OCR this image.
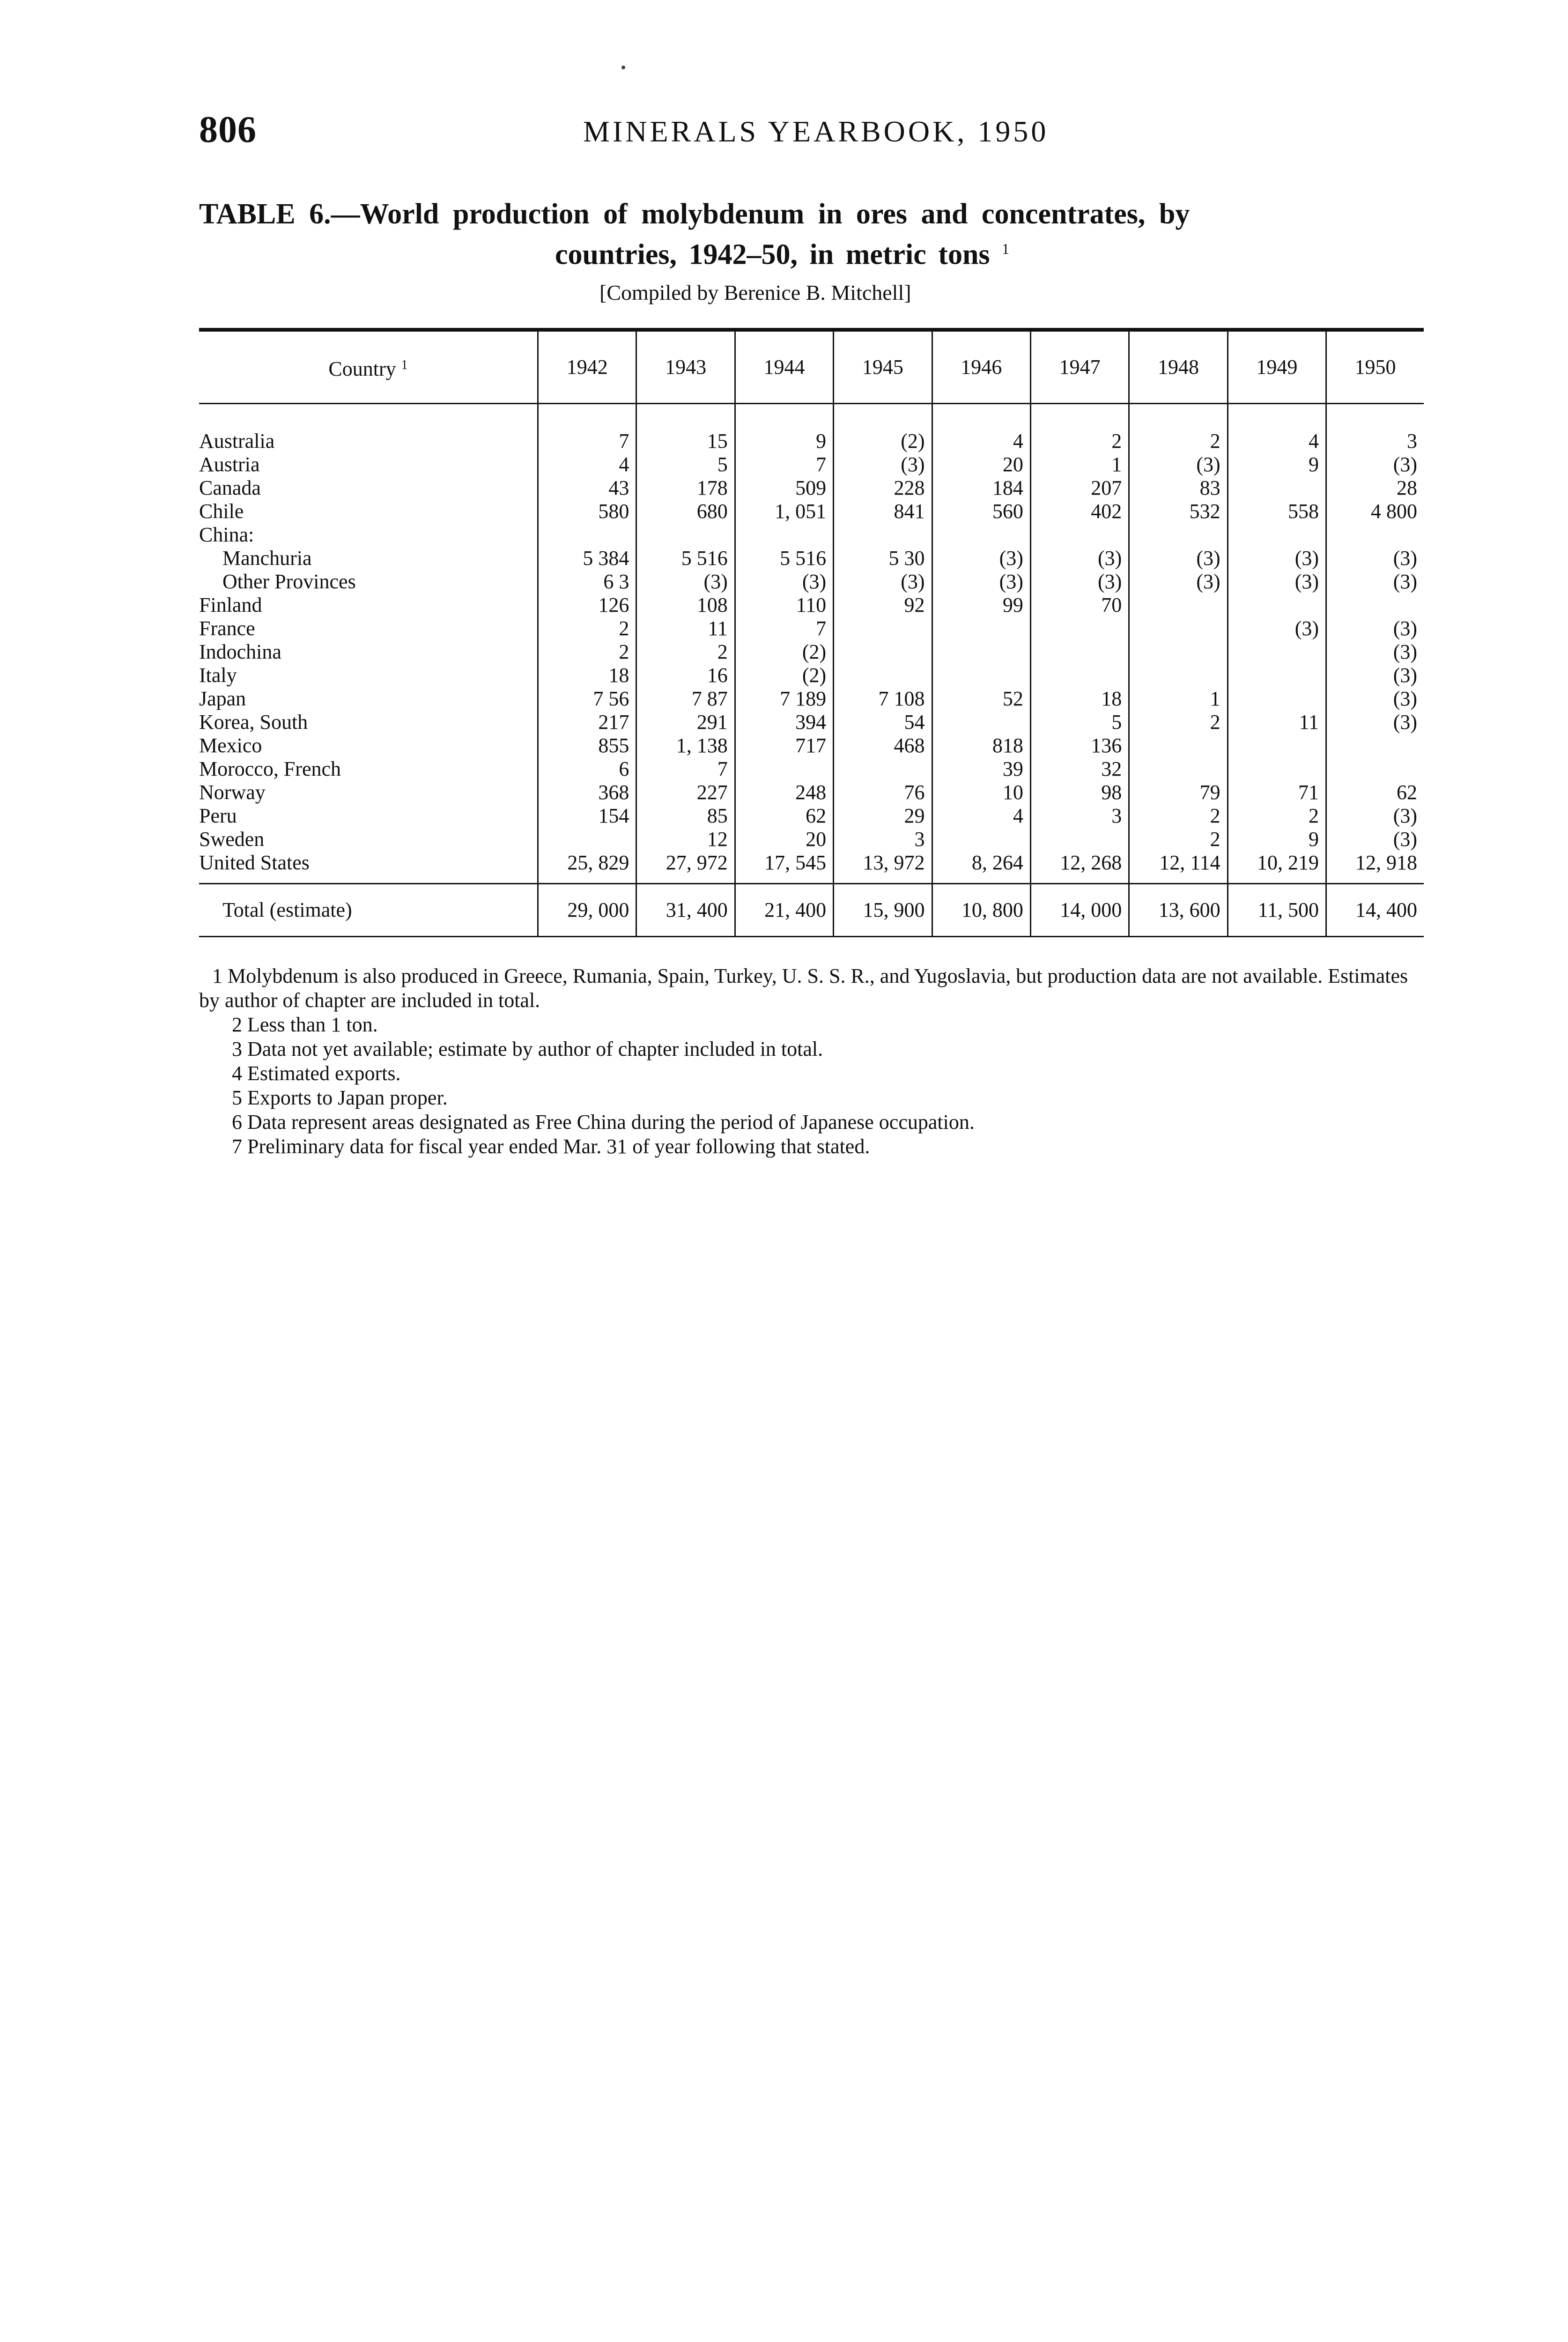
806	MINERALS YEARBOOK, 1950
TABLE 6.—World production of molybdenum in ores and concentrates, by
countries, 1942–50, in metric tons $^1$
[Compiled by Berenice B. Mitchell]
Country $^1$	1942	1943	1944	1945	1946	1947	1948	1949	1950
Australia	7	15	9	(2)	4	2	2	4	3
Austria	4	5	7	(3)	20	1	(3)	9	(3)
Canada	43	178	509	228	184	207	83		28
Chile	580	680	1, 051	841	560	402	532	558	4 800
China:									
Manchuria	5 384	5 516	5 516	5 30	(3)	(3)	(3)	(3)	(3)
Other Provinces	6 3	(3)	(3)	(3)	(3)	(3)	(3)	(3)	(3)
Finland	126	108	110	92	99	70			
France	2	11	7					(3)	(3)
Indochina	2	2	(2)						(3)
Italy	18	16	(2)						(3)
Japan	7 56	7 87	7 189	7 108	52	18	1		(3)
Korea, South	217	291	394	54		5	2	11	(3)
Mexico	855	1, 138	717	468	818	136			
Morocco, French	6	7			39	32			
Norway	368	227	248	76	10	98	79	71	62
Peru	154	85	62	29	4	3	2	2	(3)
Sweden		12	20	3			2	9	(3)
United States	25, 829	27, 972	17, 545	13, 972	8, 264	12, 268	12, 114	10, 219	12, 918
Total (estimate)	29, 000	31, 400	21, 400	15, 900	10, 800	14, 000	13, 600	11, 500	14, 400

1 Molybdenum is also produced in Greece, Rumania, Spain, Turkey, U. S. S. R., and Yugoslavia, but production data are not available. Estimates by author of chapter are included in total.

2 Less than 1 ton.

3 Data not yet available; estimate by author of chapter included in total.

4 Estimated exports.

5 Exports to Japan proper.

6 Data represent areas designated as Free China during the period of Japanese occupation.

7 Preliminary data for fiscal year ended Mar. 31 of year following that stated.
